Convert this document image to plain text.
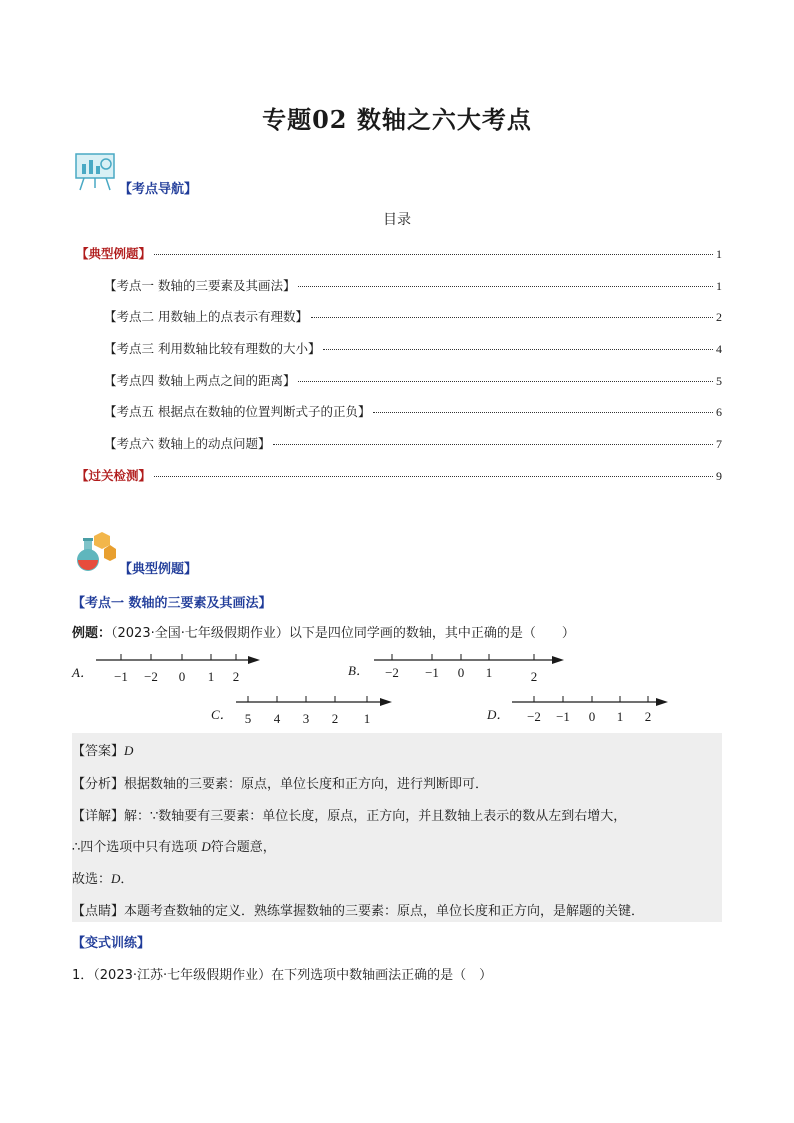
专题02 数轴之六大考点
【考点导航】
目录
【典型例题】	1
【考点一 数轴的三要素及其画法】	1
【考点二 用数轴上的点表示有理数】	2
【考点三 利用数轴比较有理数的大小】	4
【考点四 数轴上两点之间的距离】	5
【考点五 根据点在数轴的位置判断式子的正负】	6
【考点六 数轴上的动点问题】	7
【过关检测】	9
【典型例题】
【考点一 数轴的三要素及其画法】
例题：（2023·全国·七年级假期作业）以下是四位同学画的数轴，其中正确的是（　　）
A． −1 −2 0 1 2	B． −2 −1 0 1	2
C． 5 4 3 2 1	D． −2 −1 0 1 2
【答案】D
【分析】根据数轴的三要素：原点，单位长度和正方向，进行判断即可．
【详解】解：∵数轴要有三要素：单位长度，原点，正方向，并且数轴上表示的数从左到右增大，
∴四个选项中只有选项 D符合题意，
故选：D．
【点睛】本题考查数轴的定义．熟练掌握数轴的三要素：原点，单位长度和正方向，是解题的关键．
【变式训练】
1．（2023·江苏·七年级假期作业）在下列选项中数轴画法正确的是（　）
